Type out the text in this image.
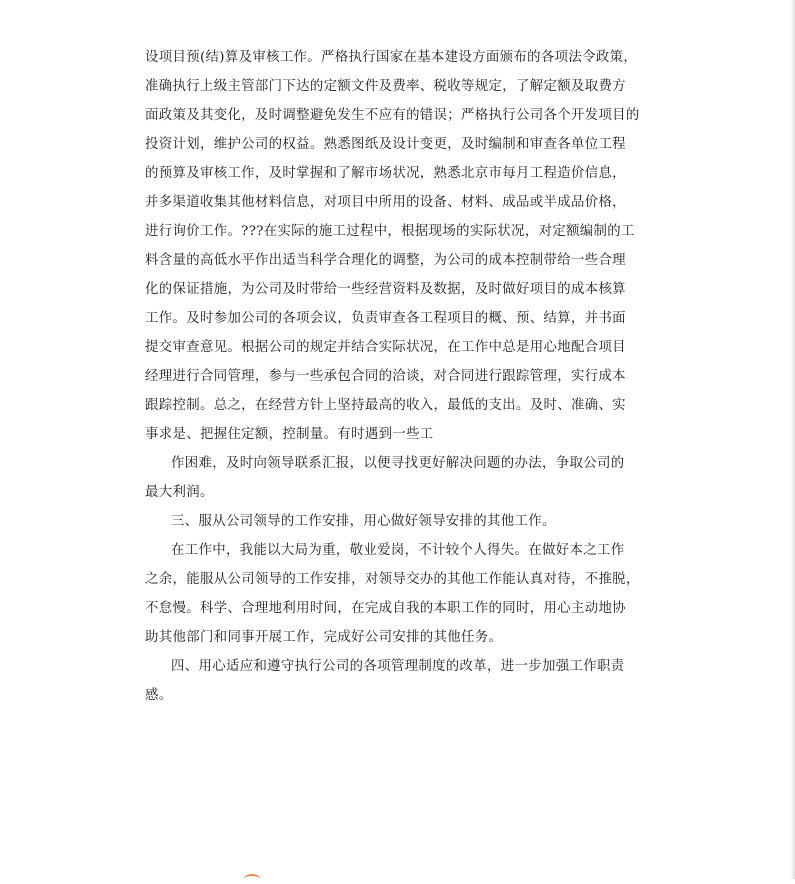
设项目预(结)算及审核工作。严格执行国家在基本建设方面颁布的各项法令政策，
准确执行上级主管部门下达的定额文件及费率、税收等规定，了解定额及取费方
面政策及其变化，及时调整避免发生不应有的错误；严格执行公司各个开发项目的
投资计划，维护公司的权益。熟悉图纸及设计变更，及时编制和审查各单位工程
的预算及审核工作，及时掌握和了解市场状况，熟悉北京市每月工程造价信息，
并多渠道收集其他材料信息，对项目中所用的设备、材料、成品或半成品价格，
进行询价工作。???在实际的施工过程中，根据现场的实际状况，对定额编制的工
料含量的高低水平作出适当科学合理化的调整，为公司的成本控制带给一些合理
化的保证措施，为公司及时带给一些经营资料及数据，及时做好项目的成本核算
工作。及时参加公司的各项会议，负责审查各工程项目的概、预、结算，并书面
提交审查意见。根据公司的规定并结合实际状况，在工作中总是用心地配合项目
经理进行合同管理，参与一些承包合同的洽谈，对合同进行跟踪管理，实行成本
跟踪控制。总之，在经营方针上坚持最高的收入，最低的支出。及时、准确、实
事求是、把握住定额，控制量。有时遇到一些工
作困难，及时向领导联系汇报，以便寻找更好解决问题的办法，争取公司的
最大利润。
三、服从公司领导的工作安排，用心做好领导安排的其他工作。
在工作中，我能以大局为重，敬业爱岗，不计较个人得失。在做好本之工作
之余，能服从公司领导的工作安排，对领导交办的其他工作能认真对待，不推脱，
不怠慢。科学、合理地利用时间，在完成自我的本职工作的同时，用心主动地协
助其他部门和同事开展工作，完成好公司安排的其他任务。
四、用心适应和遵守执行公司的各项管理制度的改革，进一步加强工作职责
感。
